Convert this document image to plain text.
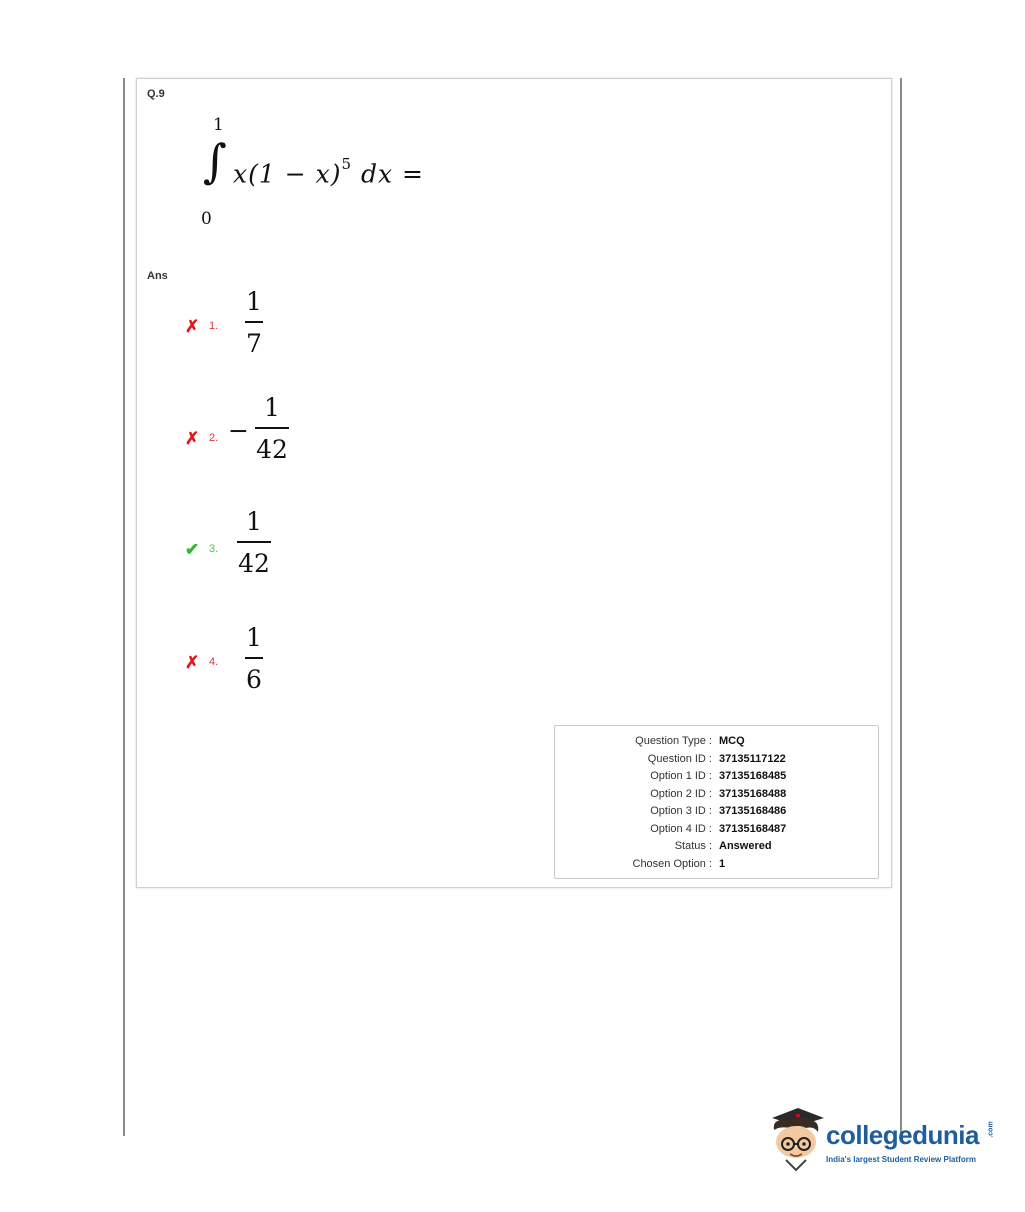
Q.9
1
∫
0
$x(1 - x)^5$ dx =
Ans
✗ 1.
1
7
✗ 2. −
1
42
✔ 3.
1
42
✗ 4.
1
6
Question Type : MCQ
Question ID : 37135117122
Option 1 ID : 37135168485
Option 2 ID : 37135168488
Option 3 ID : 37135168486
Option 4 ID : 37135168487
Status : Answered
Chosen Option : 1
collegedunia .com
India's largest Student Review Platform
